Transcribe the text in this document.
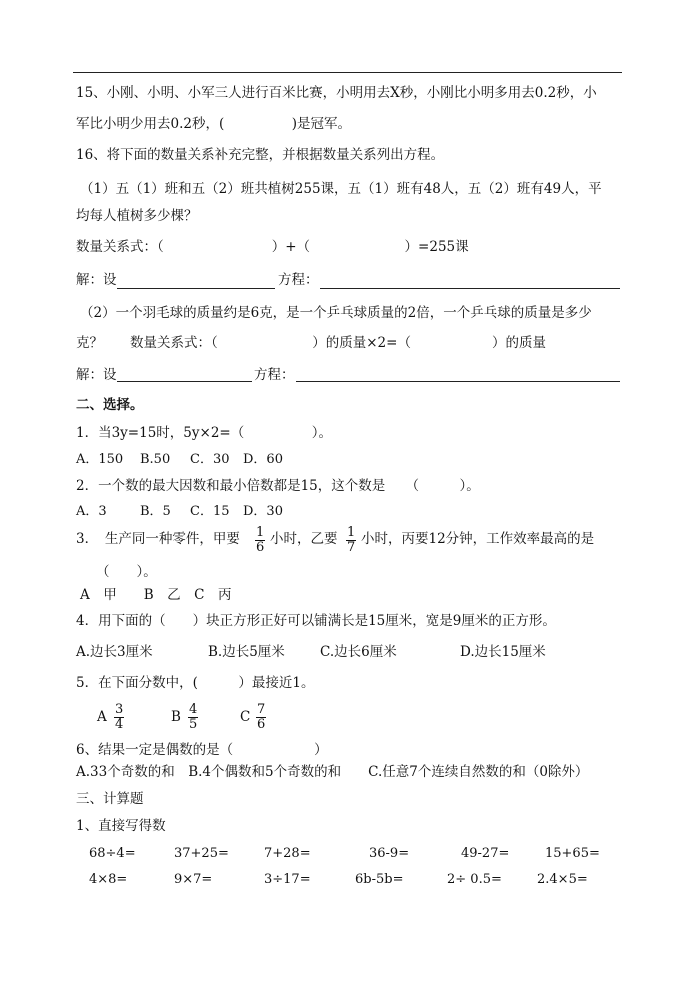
15、小刚、小明、小军三人进行百米比赛，小明用去X秒，小刚比小明多用去0.2秒，小
军比小明少用去0.2秒，(　　　　　)是冠军。
16、将下面的数量关系补充完整，并根据数量关系列出方程。
（1）五（1）班和五（2）班共植树255课，五（1）班有48人，五（2）班有49人，平
均每人植树多少棵？
数量关系式：（　　　　　　　　）+（　　　　　　　）=255课
解：设	方程：
（2）一个羽毛球的质量约是6克，是一个乒乓球质量的2倍，一个乒乓球的质量是多少
克？　　数量关系式：（　　　　　　　）的质量×2=（　　　　　　）的质量
解：设	方程：
二、选择。
1．当3y=15时，5y×2=（　　　　　）。
A．150 B.50 C．30 D．60
2．一个数的最大因数和最小倍数都是15，这个数是　　（　　　）。
A．3	B．5 C．15 D．30
3．　生产同一种零件，甲要 $\frac{1}{6}$ 小时，乙要 $\frac{1}{7}$ 小时，丙要12分钟，工作效率最高的是
（　　）。
A　甲　　B　乙　C　丙
4．用下面的（　　）块正方形正好可以铺满长是15厘米，宽是9厘米的正方形。
A.边长3厘米	B.边长5厘米	C.边长6厘米	D.边长15厘米
5．在下面分数中，(　　　）最接近1。
A $\frac{3}{4}$	B $\frac{4}{5}$	C $\frac{7}{6}$
6、结果一定是偶数的是（　　　　　　）
A.33个奇数的和　B.4个偶数和5个奇数的和　　C.任意7个连续自然数的和（0除外）
三、计算题
1、直接写得数
68÷4=	37+25=	7+28=	36-9=	49-27=	15+65=
4×8=	9×7=	3÷17=	6b-5b=	2÷ 0.5=	2.4×5=
